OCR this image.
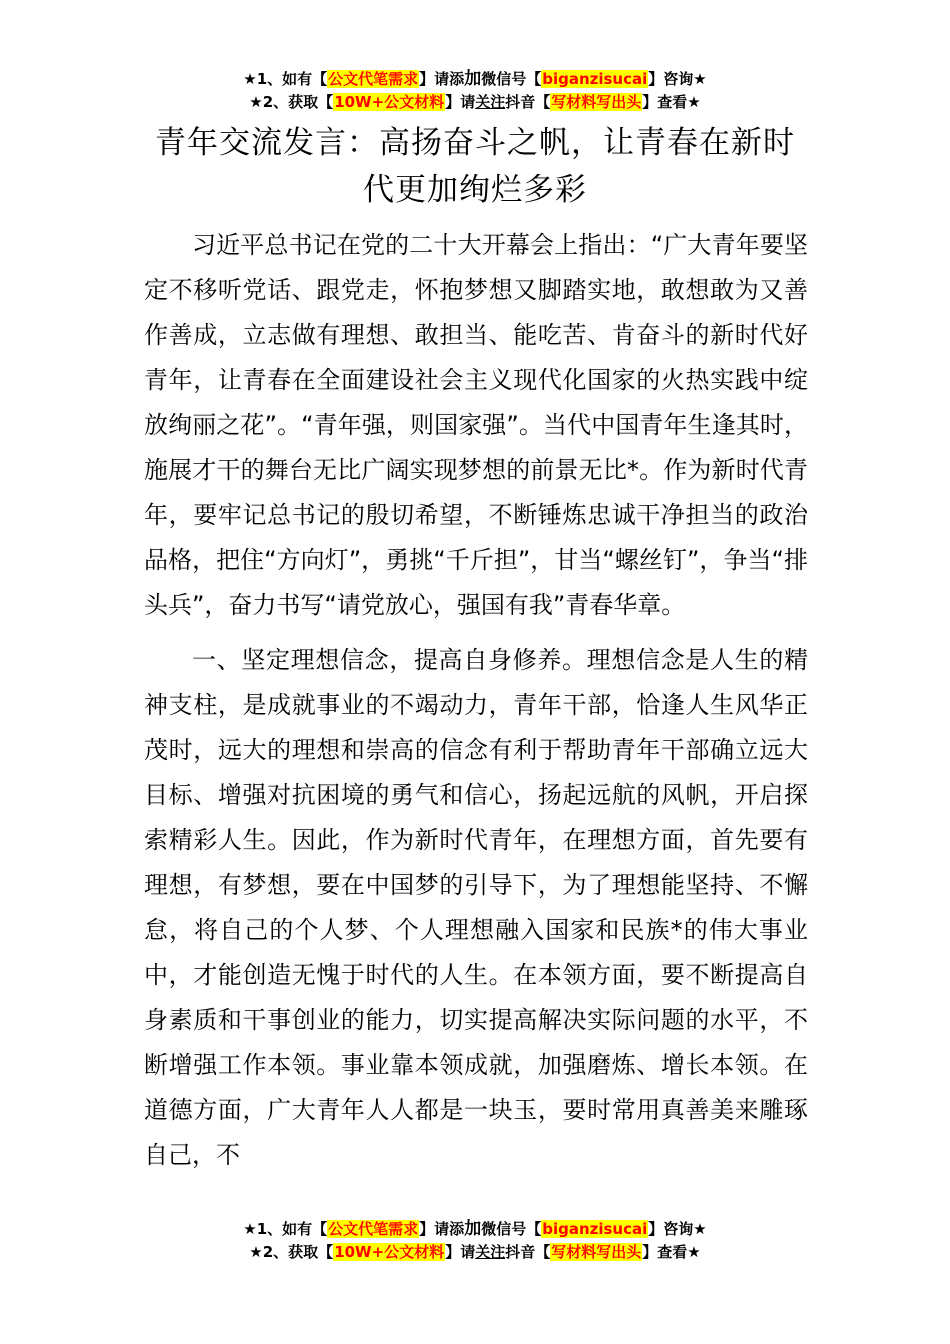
★1、如有【公文代笔需求】请添加微信号【biganzisucai】咨询★
★2、获取【10W+公文材料】请关注抖音【写材料写出头】查看★
青年交流发言：高扬奋斗之帆，让青春在新时代更加绚烂多彩

习近平总书记在党的二十大开幕会上指出：“广大青年要坚定不移听党话、跟党走，怀抱梦想又脚踏实地，敢想敢为又善作善成，立志做有理想、敢担当、能吃苦、肯奋斗的新时代好青年，让青春在全面建设社会主义现代化国家的火热实践中绽放绚丽之花”。“青年强，则国家强”。当代中国青年生逢其时，施展才干的舞台无比广阔实现梦想的前景无比*。作为新时代青年，要牢记总书记的殷切希望，不断锤炼忠诚干净担当的政治品格，把住“方向灯”，勇挑“千斤担”，甘当“螺丝钉”，争当“排头兵”，奋力书写“请党放心，强国有我”青春华章。

一、坚定理想信念，提高自身修养。理想信念是人生的精神支柱，是成就事业的不竭动力，青年干部，恰逢人生风华正茂时，远大的理想和崇高的信念有利于帮助青年干部确立远大目标、增强对抗困境的勇气和信心，扬起远航的风帆，开启探索精彩人生。因此，作为新时代青年，在理想方面，首先要有理想，有梦想，要在中国梦的引导下，为了理想能坚持、不懈怠，将自己的个人梦、个人理想融入国家和民族*的伟大事业中，才能创造无愧于时代的人生。在本领方面，要不断提高自身素质和干事创业的能力，切实提高解决实际问题的水平，不断增强工作本领。事业靠本领成就，加强磨炼、增长本领。在道德方面，广大青年人人都是一块玉，要时常用真善美来雕琢自己，不

★1、如有【公文代笔需求】请添加微信号【biganzisucai】咨询★
★2、获取【10W+公文材料】请关注抖音【写材料写出头】查看★
